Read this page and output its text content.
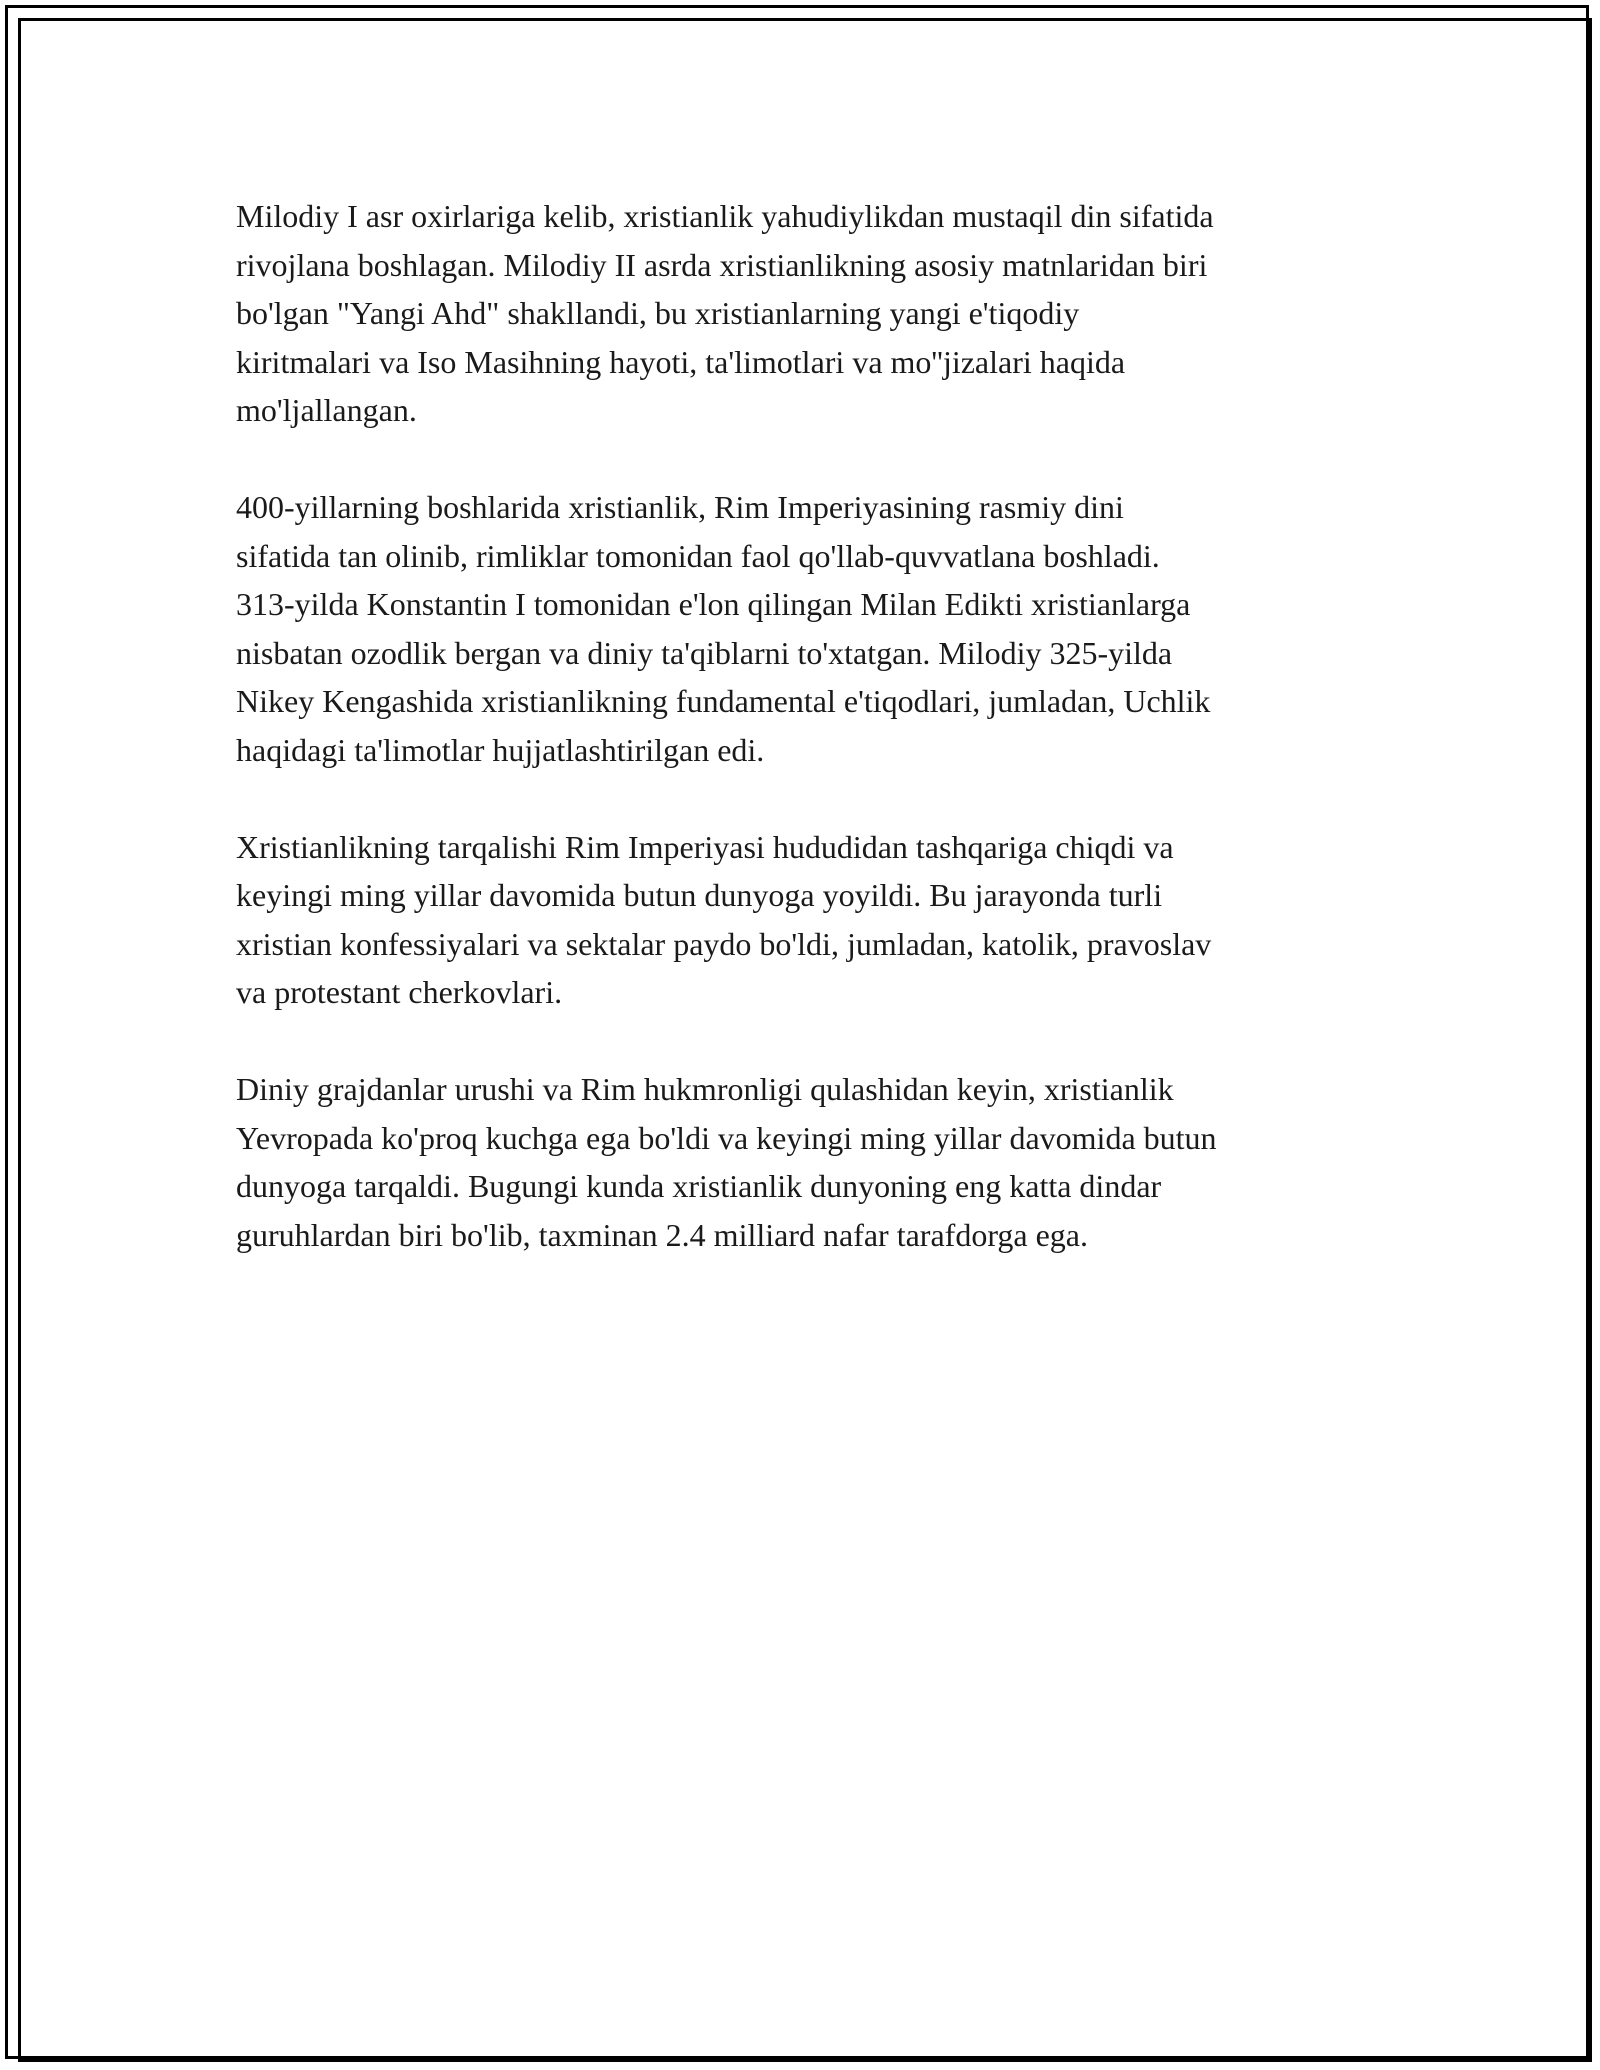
Milodiy I asr oxirlariga kelib, xristianlik yahudiylikdan mustaqil din sifatida
rivojlana boshlagan. Milodiy II asrda xristianlikning asosiy matnlaridan biri
bo'lgan "Yangi Ahd" shakllandi, bu xristianlarning yangi e'tiqodiy
kiritmalari va Iso Masihning hayoti, ta'limotlari va mo''jizalari haqida
mo'ljallangan.

400-yillarning boshlarida xristianlik, Rim Imperiyasining rasmiy dini
sifatida tan olinib, rimliklar tomonidan faol qo'llab-quvvatlana boshladi.
313-yilda Konstantin I tomonidan e'lon qilingan Milan Edikti xristianlarga
nisbatan ozodlik bergan va diniy ta'qiblarni to'xtatgan. Milodiy 325-yilda
Nikey Kengashida xristianlikning fundamental e'tiqodlari, jumladan, Uchlik
haqidagi ta'limotlar hujjatlashtirilgan edi.

Xristianlikning tarqalishi Rim Imperiyasi hududidan tashqariga chiqdi va
keyingi ming yillar davomida butun dunyoga yoyildi. Bu jarayonda turli
xristian konfessiyalari va sektalar paydo bo'ldi, jumladan, katolik, pravoslav
va protestant cherkovlari.

Diniy grajdanlar urushi va Rim hukmronligi qulashidan keyin, xristianlik
Yevropada ko'proq kuchga ega bo'ldi va keyingi ming yillar davomida butun
dunyoga tarqaldi. Bugungi kunda xristianlik dunyoning eng katta dindar
guruhlardan biri bo'lib, taxminan 2.4 milliard nafar tarafdorga ega.
